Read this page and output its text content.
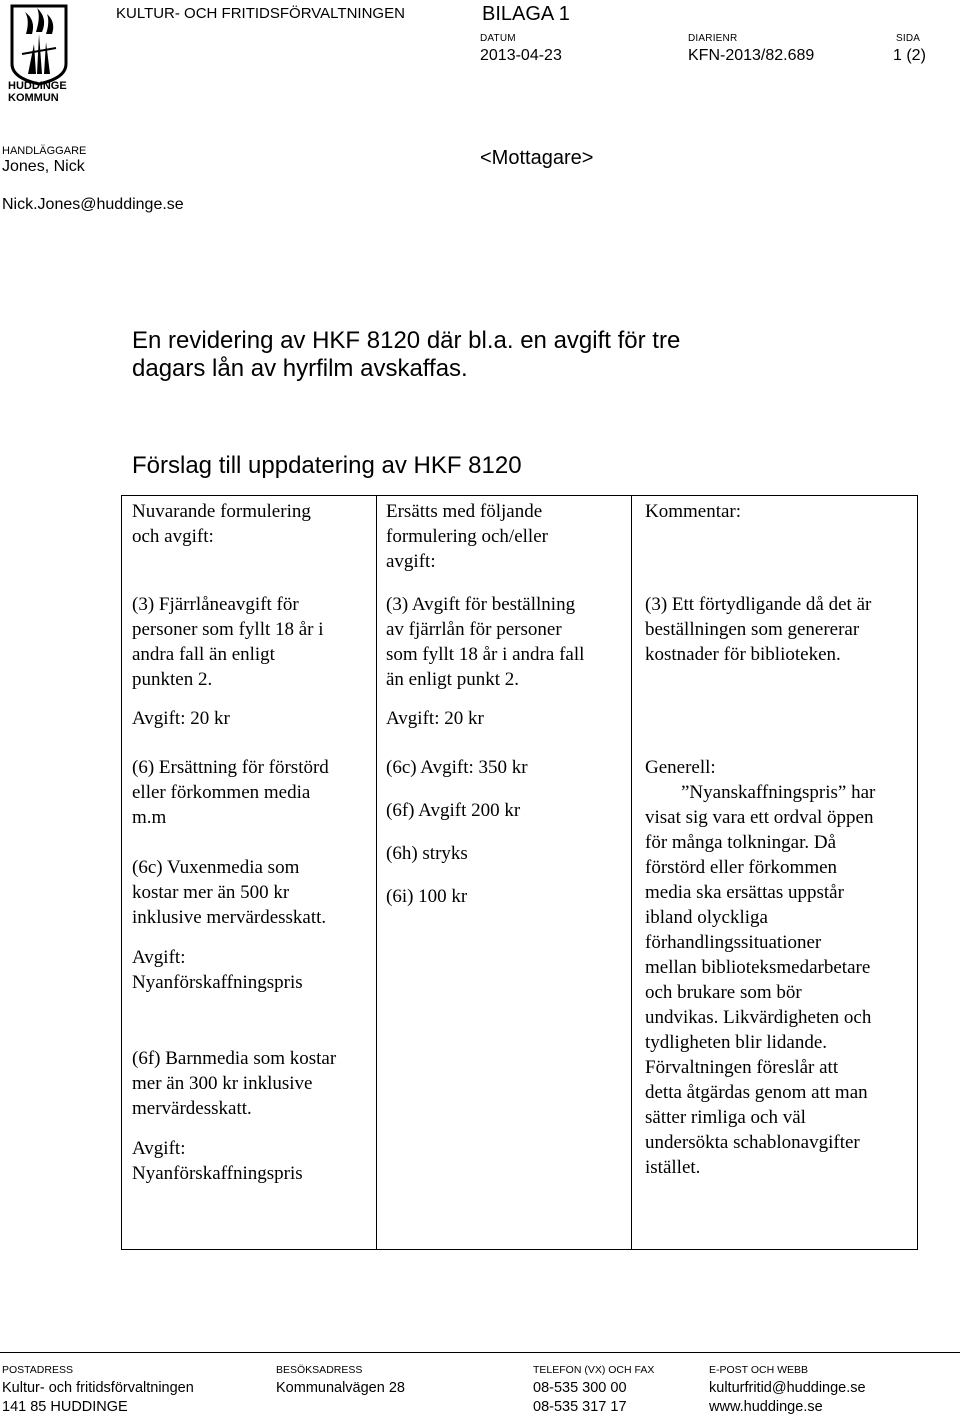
HUDDINGE
KOMMUN
KULTUR- OCH FRITIDSFÖRVALTNINGEN	BILAGA 1
DATUM
2013-04-23
DIARIENR
KFN-2013/82.689
SIDA
1 (2)
HANDLÄGGARE
Jones, Nick	<Mottagare>
Nick.Jones@huddinge.se
En revidering av HKF 8120 där bl.a. en avgift för tre
dagars lån av hyrfilm avskaffas.
Förslag till uppdatering av HKF 8120

Nuvarande formulering

och avgift:

Ersätts med följande

formulering och/eller

avgift:

Kommentar:

(3) Fjärrlåneavgift för

personer som fyllt 18 år i

andra fall än enligt

punkten 2.

Avgift: 20 kr

(3) Avgift för beställning

av fjärrlån för personer

som fyllt 18 år i andra fall

än enligt punkt 2.

Avgift: 20 kr

(3) Ett förtydligande då det är

beställningen som genererar

kostnader för biblioteken.

(6) Ersättning för förstörd

eller förkommen media

m.m

(6c) Vuxenmedia som

kostar mer än 500 kr

inklusive mervärdesskatt.

Avgift:

Nyanförskaffningspris

(6f) Barnmedia som kostar

mer än 300 kr inklusive

mervärdesskatt.

Avgift:

Nyanförskaffningspris

(6c) Avgift: 350 kr

(6f) Avgift 200 kr

(6h) stryks

(6i) 100 kr

Generell:

”Nyanskaffningspris” har

visat sig vara ett ordval öppen

för många tolkningar. Då

förstörd eller förkommen

media ska ersättas uppstår

ibland olyckliga

förhandlingssituationer

mellan biblioteksmedarbetare

och brukare som bör

undvikas. Likvärdigheten och

tydligheten blir lidande.

Förvaltningen föreslår att

detta åtgärdas genom att man

sätter rimliga och väl

undersökta schablonavgifter

istället.

POSTADRESS
Kultur- och fritidsförvaltningen
141 85 HUDDINGE
BESÖKSADRESS
Kommunalvägen 28
TELEFON (VX) OCH FAX
08-535 300 00
08-535 317 17
E-POST OCH WEBB
kulturfritid@huddinge.se
www.huddinge.se
